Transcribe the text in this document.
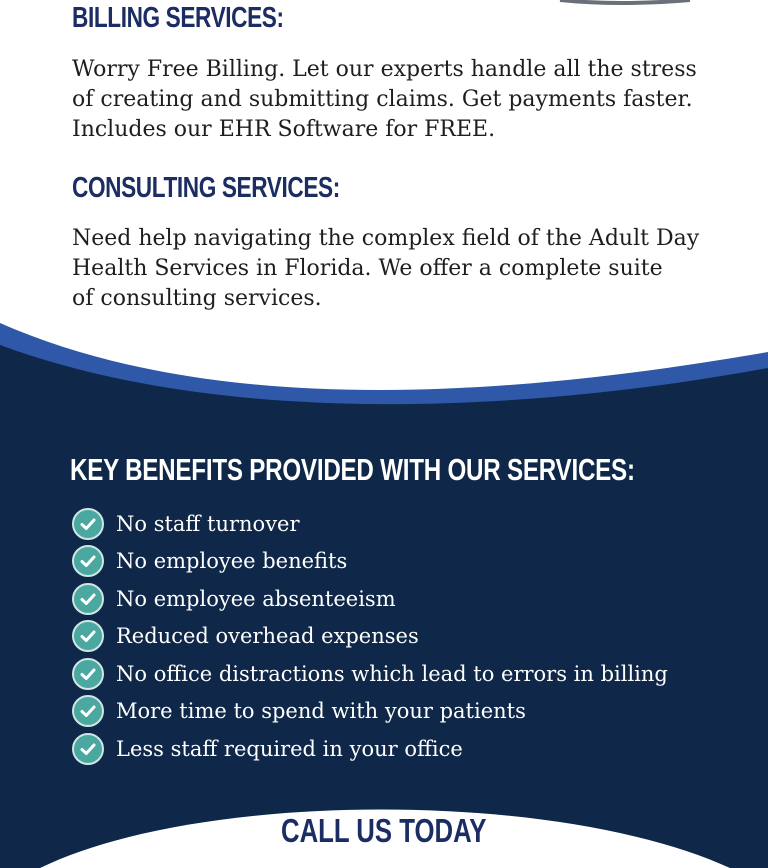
BILLING SERVICES:

Worry Free Billing. Let our experts handle all the stress
of creating and submitting claims. Get payments faster.
Includes our EHR Software for FREE.

CONSULTING SERVICES:

Need help navigating the complex field of the Adult Day
Health Services in Florida. We offer a complete suite
of consulting services.

KEY BENEFITS PROVIDED WITH OUR SERVICES:
No staff turnover
No employee benefits
No employee absenteeism
Reduced overhead expenses
No office distractions which lead to errors in billing
More time to spend with your patients
Less staff required in your office
CALL US TODAY
